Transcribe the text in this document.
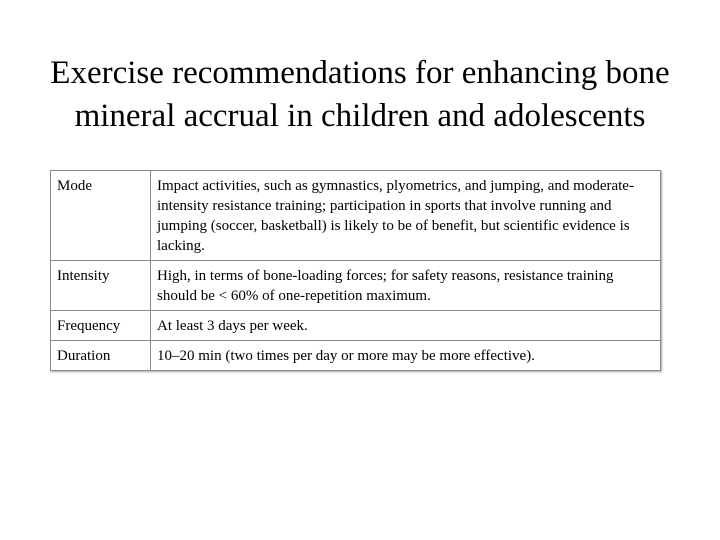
Exercise recommendations for enhancing bone
mineral accrual in children and adolescents
Mode	Impact activities, such as gymnastics, plyometrics, and jumping, and moderate-intensity resistance training; participation in sports that involve running and jumping (soccer, basketball) is likely to be of benefit, but scientific evidence is lacking.
Intensity	High, in terms of bone-loading forces; for safety reasons, resistance training should be < 60% of one-repetition maximum.
Frequency	At least 3 days per week.
Duration	10–20 min (two times per day or more may be more effective).
